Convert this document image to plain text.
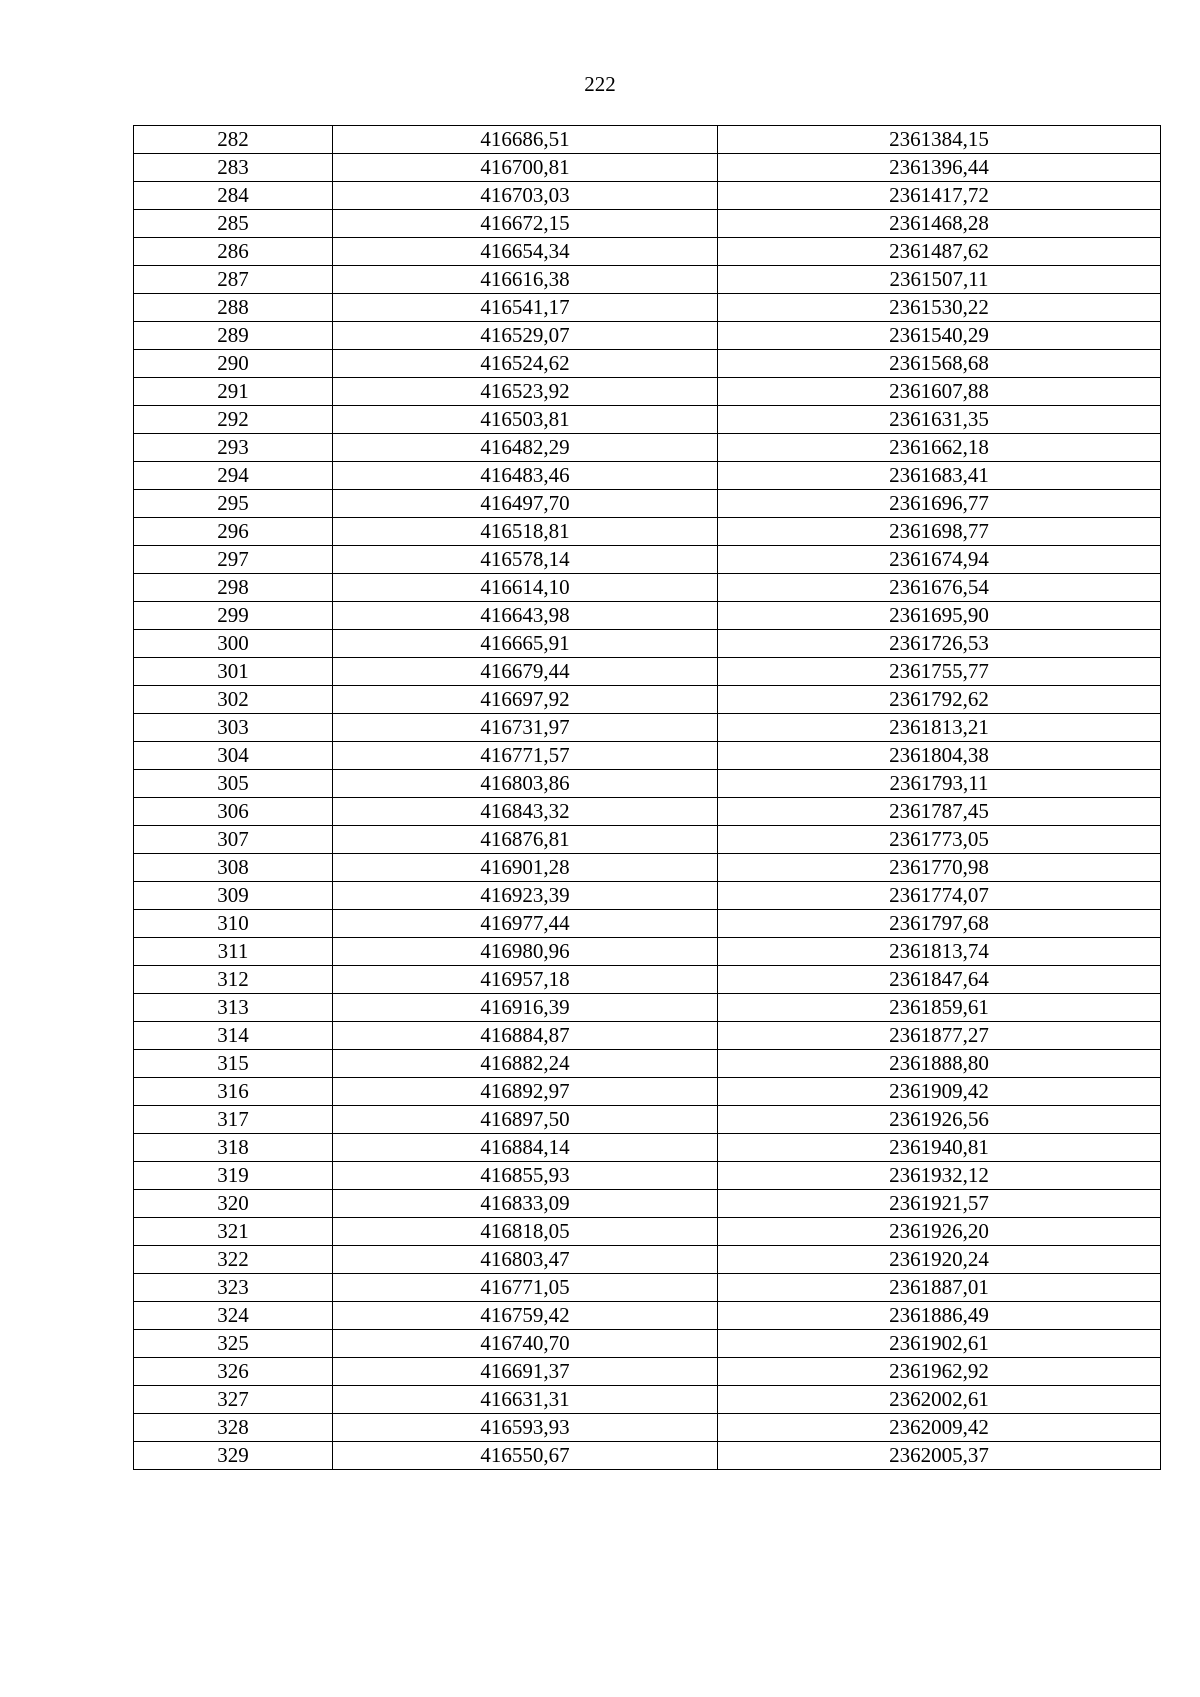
222
282	416686,51	2361384,15
283	416700,81	2361396,44
284	416703,03	2361417,72
285	416672,15	2361468,28
286	416654,34	2361487,62
287	416616,38	2361507,11
288	416541,17	2361530,22
289	416529,07	2361540,29
290	416524,62	2361568,68
291	416523,92	2361607,88
292	416503,81	2361631,35
293	416482,29	2361662,18
294	416483,46	2361683,41
295	416497,70	2361696,77
296	416518,81	2361698,77
297	416578,14	2361674,94
298	416614,10	2361676,54
299	416643,98	2361695,90
300	416665,91	2361726,53
301	416679,44	2361755,77
302	416697,92	2361792,62
303	416731,97	2361813,21
304	416771,57	2361804,38
305	416803,86	2361793,11
306	416843,32	2361787,45
307	416876,81	2361773,05
308	416901,28	2361770,98
309	416923,39	2361774,07
310	416977,44	2361797,68
311	416980,96	2361813,74
312	416957,18	2361847,64
313	416916,39	2361859,61
314	416884,87	2361877,27
315	416882,24	2361888,80
316	416892,97	2361909,42
317	416897,50	2361926,56
318	416884,14	2361940,81
319	416855,93	2361932,12
320	416833,09	2361921,57
321	416818,05	2361926,20
322	416803,47	2361920,24
323	416771,05	2361887,01
324	416759,42	2361886,49
325	416740,70	2361902,61
326	416691,37	2361962,92
327	416631,31	2362002,61
328	416593,93	2362009,42
329	416550,67	2362005,37
